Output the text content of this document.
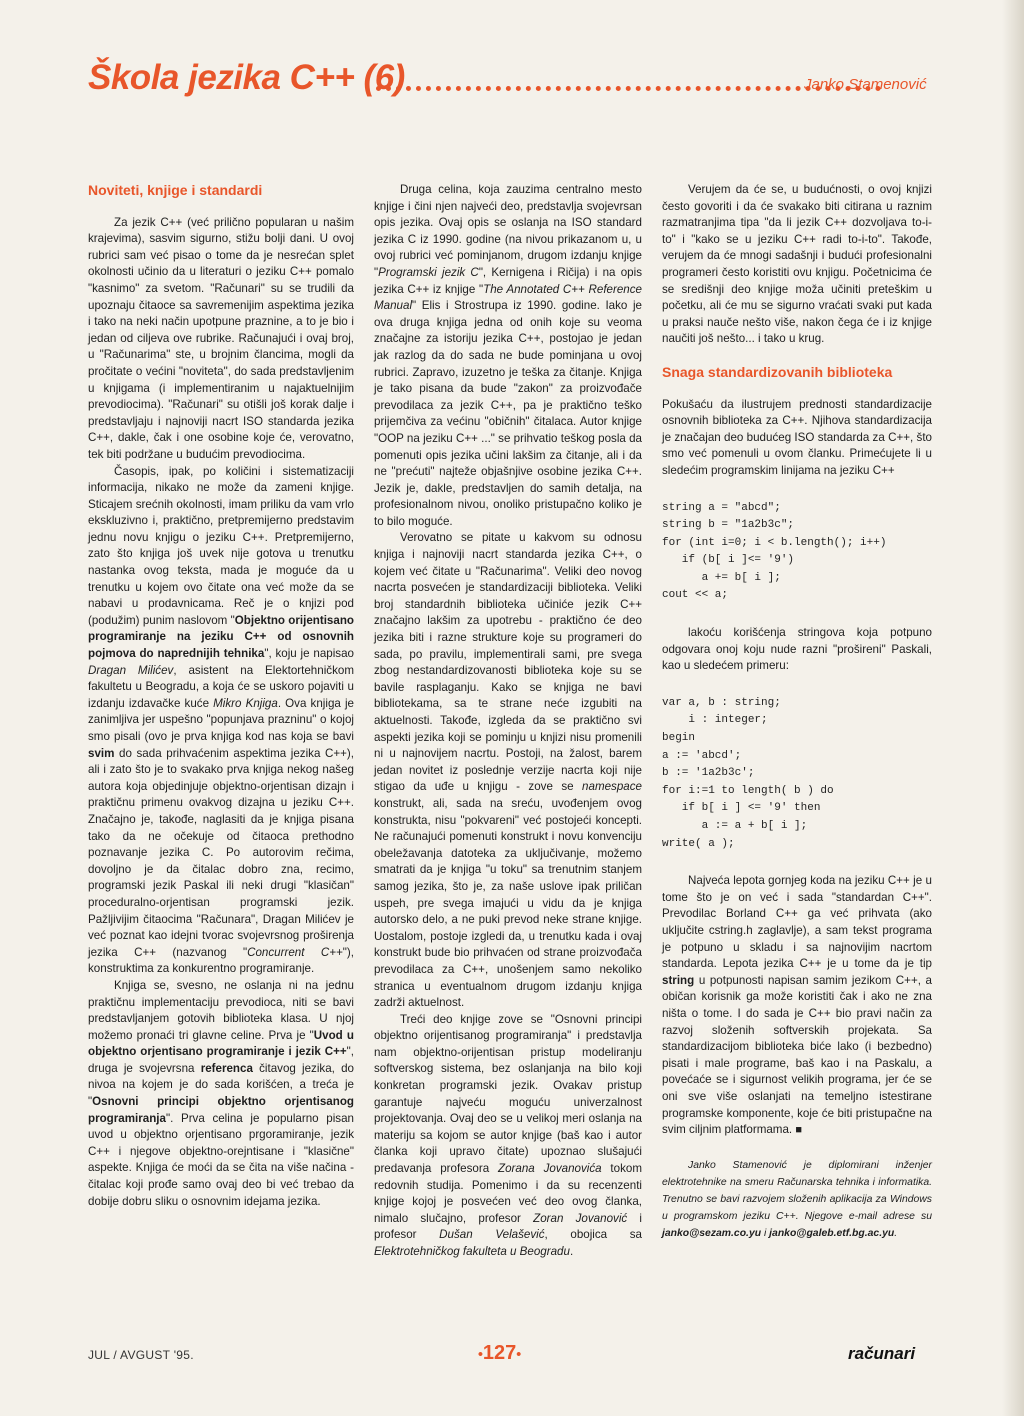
Škola jezika C++ (6)	Janko Stamenović
Noviteti, knjige i standardi

Za jezik C++ (već prilično popularan u našim krajevima), sasvim sigurno, stižu bolji dani. U ovoj rubrici sam već pisao o tome da je nesrećan splet okolnosti učinio da u literaturi o jeziku C++ pomalo "kasnimo" za svetom. "Računari" su se trudili da upoznaju čitaoce sa savremenijim aspektima jezika i tako na neki način upotpune praznine, a to je bio i jedan od ciljeva ove rubrike. Računajući i ovaj broj, u "Računarima" ste, u brojnim člancima, mogli da pročitate o većini "noviteta", do sada predstavljenim u knjigama (i implementiranim u najaktuelnijim prevodiocima). "Računari" su otišli još korak dalje i predstavljaju i najnoviji nacrt ISO standarda jezika C++, dakle, čak i one osobine koje će, verovatno, tek biti podržane u budućim prevodiocima.

Časopis, ipak, po količini i sistematizaciji informacija, nikako ne može da zameni knjige. Sticajem srećnih okolnosti, imam priliku da vam vrlo ekskluzivno i, praktično, pretpremijerno predstavim jednu novu knjigu o jeziku C++. Pretpremijerno, zato što knjiga još uvek nije gotova u trenutku nastanka ovog teksta, mada je moguće da u trenutku u kojem ovo čitate ona već može da se nabavi u prodavnicama. Reč je o knjizi pod (podužim) punim naslovom "Objektno orijentisano programiranje na jeziku C++ od osnovnih pojmova do naprednijih tehnika", koju je napisao Dragan Milićev, asistent na Elektortehničkom fakultetu u Beogradu, a koja će se uskoro pojaviti u izdanju izdavačke kuće Mikro Knjiga. Ova knjiga je zanimljiva jer uspešno "popunjava prazninu" o kojoj smo pisali (ovo je prva knjiga kod nas koja se bavi svim do sada prihvaćenim aspektima jezika C++), ali i zato što je to svakako prva knjiga nekog našeg autora koja objedinjuje objektno-orjentisan dizajn i praktičnu primenu ovakvog dizajna u jeziku C++. Značajno je, takođe, naglasiti da je knjiga pisana tako da ne očekuje od čitaoca prethodno poznavanje jezika C. Po autorovim rečima, dovoljno je da čitalac dobro zna, recimo, programski jezik Paskal ili neki drugi "klasičan" proceduralno-orjentisan programski jezik. Pažljivijim čitaocima "Računara", Dragan Milićev je već poznat kao idejni tvorac svojevrsnog proširenja jezika C++ (nazvanog "Concurrent C++"), konstruktima za konkurentno programiranje.

Knjiga se, svesno, ne oslanja ni na jednu praktičnu implementaciju prevodioca, niti se bavi predstavljanjem gotovih biblioteka klasa. U njoj možemo pronaći tri glavne celine. Prva je "Uvod u objektno orjentisano programiranje i jezik C++", druga je svojevrsna referenca čitavog jezika, do nivoa na kojem je do sada korišćen, a treća je "Osnovni principi objektno orjentisanog programiranja". Prva celina je popularno pisan uvod u objektno orjentisano prgoramiranje, jezik C++ i njegove objektno-orejntisane i "klasične" aspekte. Knjiga će moći da se čita na više načina - čitalac koji prođe samo ovaj deo bi već trebao da dobije dobru sliku o osnovnim idejama jezika.

Druga celina, koja zauzima centralno mesto knjige i čini njen najveći deo, predstavlja svojevrsan opis jezika. Ovaj opis se oslanja na ISO standard jezika C iz 1990. godine (na nivou prikazanom u, u ovoj rubrici već pominjanom, drugom izdanju knjige "Programski jezik C", Kernigena i Ričija) i na opis jezika C++ iz knjige "The Annotated C++ Reference Manual" Elis i Strostrupa iz 1990. godine. Iako je ova druga knjiga jedna od onih koje su veoma značajne za istoriju jezika C++, postojao je jedan jak razlog da do sada ne bude pominjana u ovoj rubrici. Zapravo, izuzetno je teška za čitanje. Knjiga je tako pisana da bude "zakon" za proizvođače prevodilaca za jezik C++, pa je praktično teško prijemčiva za većinu "običnih" čitalaca. Autor knjige "OOP na jeziku C++ ..." se prihvatio teškog posla da pomenuti opis jezika učini lakšim za čitanje, ali i da ne "prećuti" najteže objašnjive osobine jezika C++. Jezik je, dakle, predstavljen do samih detalja, na profesionalnom nivou, onoliko pristupačno koliko je to bilo moguće.

Verovatno se pitate u kakvom su odnosu knjiga i najnoviji nacrt standarda jezika C++, o kojem već čitate u "Računarima". Veliki deo novog nacrta posvećen je standardizaciji biblioteka. Veliki broj standardnih biblioteka učiniće jezik C++ značajno lakšim za upotrebu - praktično će deo jezika biti i razne strukture koje su programeri do sada, po pravilu, implementirali sami, pre svega zbog nestandardizovanosti biblioteka koje su se bavile rasplaganju. Kako se knjiga ne bavi bibliotekama, sa te strane neće izgubiti na aktuelnosti. Takođe, izgleda da se praktično svi aspekti jezika koji se pominju u knjizi nisu promenili ni u najnovijem nacrtu. Postoji, na žalost, barem jedan novitet iz poslednje verzije nacrta koji nije stigao da uđe u knjigu - zove se namespace konstrukt, ali, sada na sreću, uvođenjem ovog konstrukta, nisu "pokvareni" već postojeći koncepti. Ne računajući pomenuti konstrukt i novu konvenciju obeležavanja datoteka za uključivanje, možemo smatrati da je knjiga "u toku" sa trenutnim stanjem samog jezika, što je, za naše uslove ipak priličan uspeh, pre svega imajući u vidu da je knjiga autorsko delo, a ne puki prevod neke strane knjige. Uostalom, postoje izgledi da, u trenutku kada i ovaj konstrukt bude bio prihvaćen od strane proizvođača prevodilaca za C++, unošenjem samo nekoliko stranica u eventualnom drugom izdanju knjiga zadrži aktuelnost.

Treći deo knjige zove se "Osnovni principi objektno orijentisanog programiranja" i predstavlja nam objektno-orijentisan pristup modeliranju softverskog sistema, bez oslanjanja na bilo koji konkretan programski jezik. Ovakav pristup garantuje najveću moguću univerzalnost projektovanja. Ovaj deo se u velikoj meri oslanja na materiju sa kojom se autor knjige (baš kao i autor članka koji upravo čitate) upoznao slušajući predavanja profesora Zorana Jovanovića tokom redovnih studija. Pomenimo i da su recenzenti knjige kojoj je posvećen već deo ovog članka, nimalo slučajno, profesor Zoran Jovanović i profesor Dušan Velašević, obojica sa Elektrotehničkog fakulteta u Beogradu.

Verujem da će se, u budućnosti, o ovoj knjizi često govoriti i da će svakako biti citirana u raznim razmatranjima tipa "da li jezik C++ dozvoljava to-i-to" i "kako se u jeziku C++ radi to-i-to". Takođe, verujem da će mnogi sadašnji i budući profesionalni programeri često koristiti ovu knjigu. Početnicima će se središnji deo knjige moža učiniti preteškim u početku, ali će mu se sigurno vraćati svaki put kada u praksi nauče nešto više, nakon čega će i iz knjige naučiti još nešto... i tako u krug.

Snaga standardizovanih biblioteka

Pokušaću da ilustrujem prednosti standardizacije osnovnih biblioteka za C++. Njihova standardizacija je značajan deo budućeg ISO standarda za C++, što smo već pomenuli u ovom članku. Primećujete li u sledećim programskim linijama na jeziku C++

string a = "abcd";
string b = "1a2b3c";
for (int i=0; i < b.length(); i++)
if (b[ i ]<= '9')
a += b[ i ];
cout << a;

lakoću korišćenja stringova koja potpuno odgovara onoj koju nude razni "prošireni" Paskali, kao u sledećem primeru:

var a, b : string;
i : integer;
begin
a := 'abcd';
b := '1a2b3c';
for i:=1 to length( b ) do
if b[ i ] <= '9' then
a := a + b[ i ];
write( a );

Najveća lepota gornjeg koda na jeziku C++ je u tome što je on već i sada "standardan C++". Prevodilac Borland C++ ga već prihvata (ako uključite cstring.h zaglavlje), a sam tekst programa je potpuno u skladu i sa najnovijim nacrtom standarda. Lepota jezika C++ je u tome da je tip string u potpunosti napisan samim jezikom C++, a običan korisnik ga može koristiti čak i ako ne zna ništa o tome. I do sada je C++ bio pravi način za razvoj složenih softverskih projekata. Sa standardizacijom biblioteka biće lako (i bezbedno) pisati i male programe, baš kao i na Paskalu, a povećaće se i sigurnost velikih programa, jer će se oni sve više oslanjati na temeljno istestirane programske komponente, koje će biti pristupačne na svim ciljnim platformama. ■

Janko Stamenović je diplomirani inženjer elektrotehnike na smeru Računarska tehnika i informatika. Trenutno se bavi razvojem složenih aplikacija za Windows u programskom jeziku C++. Njegove e-mail adrese su janko@sezam.co.yu i janko@galeb.etf.bg.ac.yu.
JUL / AVGUST '95.	•127•	računari
